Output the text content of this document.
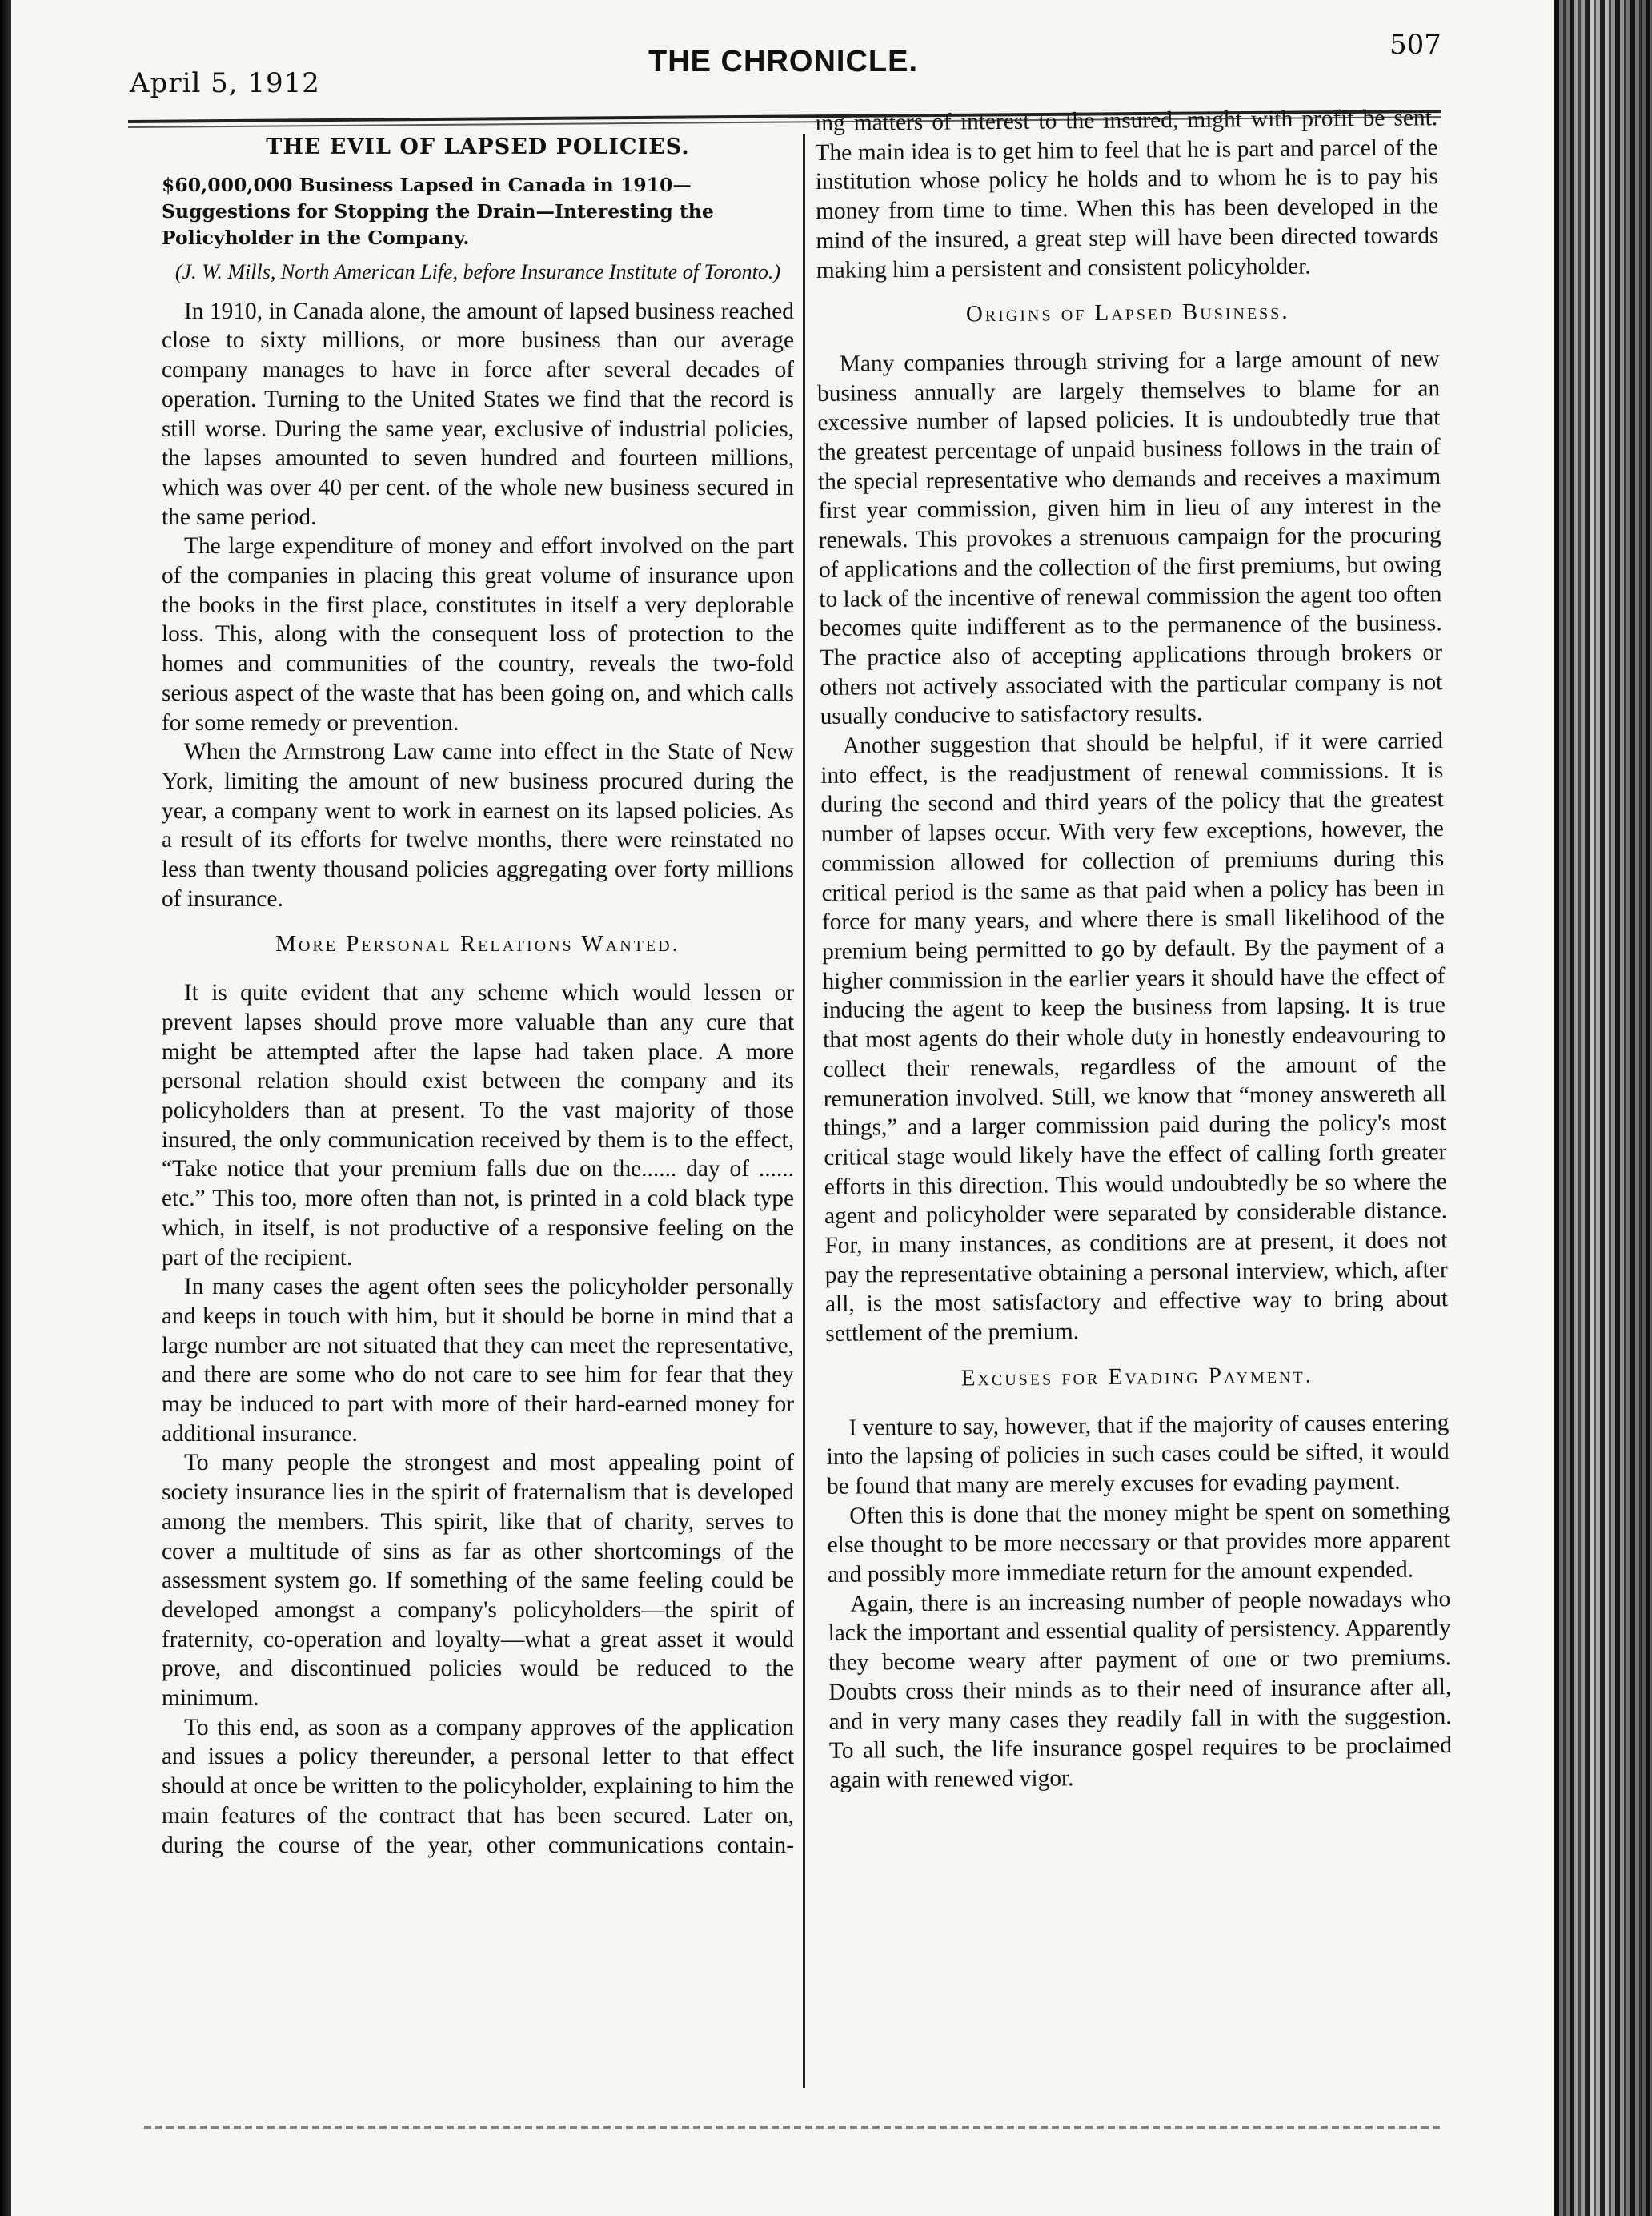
April 5, 1912
THE CHRONICLE.	507
THE EVIL OF LAPSED POLICIES.
$60,000,000 Business Lapsed in Canada in 1910—Suggestions for Stopping the Drain—Interesting the Policyholder in the Company.
(J. W. Mills, North American Life, before Insurance Institute of Toronto.)

In 1910, in Canada alone, the amount of lapsed business reached close to sixty millions, or more business than our average company manages to have in force after several decades of operation. Turning to the United States we find that the record is still worse. During the same year, exclusive of industrial policies, the lapses amounted to seven hundred and fourteen millions, which was over 40 per cent. of the whole new business secured in the same period.

The large expenditure of money and effort involved on the part of the companies in placing this great volume of insurance upon the books in the first place, constitutes in itself a very deplorable loss. This, along with the consequent loss of protection to the homes and communities of the country, reveals the two-fold serious aspect of the waste that has been going on, and which calls for some remedy or prevention.

When the Armstrong Law came into effect in the State of New York, limiting the amount of new business procured during the year, a company went to work in earnest on its lapsed policies. As a result of its efforts for twelve months, there were reinstated no less than twenty thousand policies aggregating over forty millions of insurance.

More Personal Relations Wanted.

It is quite evident that any scheme which would lessen or prevent lapses should prove more valuable than any cure that might be attempted after the lapse had taken place. A more personal relation should exist between the company and its policyholders than at present. To the vast majority of those insured, the only communication received by them is to the effect, “Take notice that your premium falls due on the...... day of ...... etc.” This too, more often than not, is printed in a cold black type which, in itself, is not productive of a responsive feeling on the part of the recipient.

In many cases the agent often sees the policyholder personally and keeps in touch with him, but it should be borne in mind that a large number are not situated that they can meet the representative, and there are some who do not care to see him for fear that they may be induced to part with more of their hard-earned money for additional insurance.

To many people the strongest and most appealing point of society insurance lies in the spirit of fraternalism that is developed among the members. This spirit, like that of charity, serves to cover a multitude of sins as far as other shortcomings of the assessment system go. If something of the same feeling could be developed amongst a company's policyholders—the spirit of fraternity, co-operation and loyalty—what a great asset it would prove, and discontinued policies would be reduced to the minimum.

To this end, as soon as a company approves of the application and issues a policy thereunder, a personal letter to that effect should at once be written to the policyholder, explaining to him the main features of the contract that has been secured. Later on, during the course of the year, other communications contain-

ing matters of interest to the insured, might with profit be sent. The main idea is to get him to feel that he is part and parcel of the institution whose policy he holds and to whom he is to pay his money from time to time. When this has been developed in the mind of the insured, a great step will have been directed towards making him a persistent and consistent policyholder.

Origins of Lapsed Business.

Many companies through striving for a large amount of new business annually are largely themselves to blame for an excessive number of lapsed policies. It is undoubtedly true that the greatest percentage of unpaid business follows in the train of the special representative who demands and receives a maximum first year commission, given him in lieu of any interest in the renewals. This provokes a strenuous campaign for the procuring of applications and the collection of the first premiums, but owing to lack of the incentive of renewal commission the agent too often becomes quite indifferent as to the permanence of the business. The practice also of accepting applications through brokers or others not actively associated with the particular company is not usually conducive to satisfactory results.

Another suggestion that should be helpful, if it were carried into effect, is the readjustment of renewal commissions. It is during the second and third years of the policy that the greatest number of lapses occur. With very few exceptions, however, the commission allowed for collection of premiums during this critical period is the same as that paid when a policy has been in force for many years, and where there is small likelihood of the premium being permitted to go by default. By the payment of a higher commission in the earlier years it should have the effect of inducing the agent to keep the business from lapsing. It is true that most agents do their whole duty in honestly endeavouring to collect their renewals, regardless of the amount of the remuneration involved. Still, we know that “money answereth all things,” and a larger commission paid during the policy's most critical stage would likely have the effect of calling forth greater efforts in this direction. This would undoubtedly be so where the agent and policyholder were separated by considerable distance. For, in many instances, as conditions are at present, it does not pay the representative obtaining a personal interview, which, after all, is the most satisfactory and effective way to bring about settlement of the premium.

Excuses for Evading Payment.

I venture to say, however, that if the majority of causes entering into the lapsing of policies in such cases could be sifted, it would be found that many are merely excuses for evading payment.

Often this is done that the money might be spent on something else thought to be more necessary or that provides more apparent and possibly more immediate return for the amount expended.

Again, there is an increasing number of people nowadays who lack the important and essential quality of persistency. Apparently they become weary after payment of one or two premiums. Doubts cross their minds as to their need of insurance after all, and in very many cases they readily fall in with the suggestion. To all such, the life insurance gospel requires to be proclaimed again with renewed vigor.
